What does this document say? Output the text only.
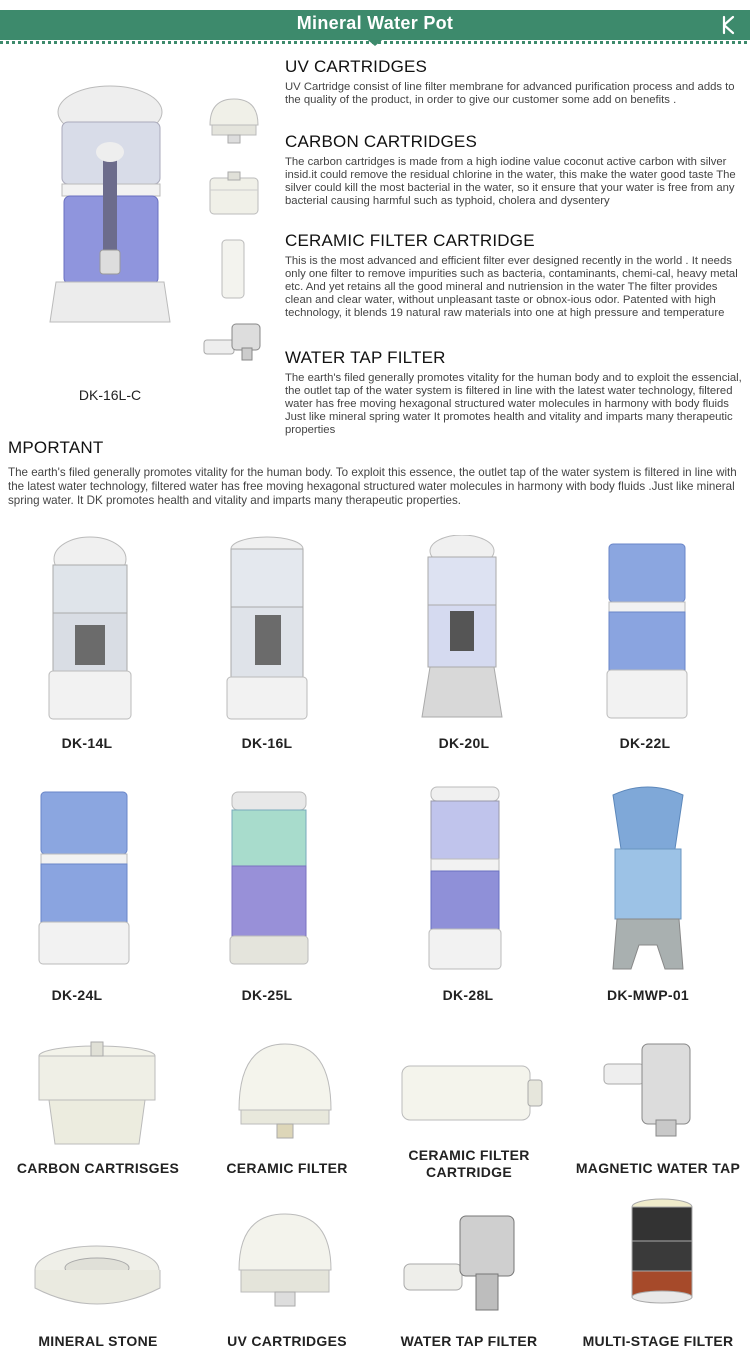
Mineral Water Pot
DK-16L-C
UV CARTRIDGES

UV Cartridge consist of line filter membrane for advanced purification process and adds to the quality of the product, in order to give our customer some add on benefits .

CARBON CARTRIDGES

The carbon cartridges is made from a high iodine value coconut active carbon with silver insid.it could remove the residual chlorine in the water, this make the water good taste The silver could kill the most bacterial in the water, so it ensure that your water is free from any bacterial causing harmful such as typhoid, cholera and dysentery

CERAMIC FILTER CARTRIDGE

This is the most advanced and efficient filter ever designed recently in the world . It needs only one filter to remove impurities such as bacteria, contaminants, chemi-cal, heavy metal etc. And yet retains all the good mineral and nutriension in the water The filter provides clean and clear water, without unpleasant taste or obnox-ious odor. Patented with high technology, it blends 19 natural raw materials into one at high pressure and temperature

WATER TAP FILTER

The earth's filed generally promotes vitality for the human body and to exploit the essencial, the outlet tap of the water system is filtered in line with the latest water technology, filtered water has free moving hexagonal structured water molecules in harmony with body fluids Just like mineral spring water It promotes health and vitality and imparts many therapeutic properties

MPORTANT
The earth's filed generally promotes vitality for the human body. To exploit this essence, the outlet tap of the water system is filtered in line with the latest water technology, filtered water has free moving hexagonal structured water molecules in harmony with body fluids .Just like mineral spring water. It DK promotes health and vitality and imparts many therapeutic properties.
DK-14L	DK-16L	DK-20L	DK-22L
DK-24L	DK-25L	DK-28L	DK-MWP-01
CARBON CARTRISGES	CERAMIC FILTER
CERAMIC FILTER
CARTRIDGE	MAGNETIC WATER TAP
MINERAL STONE	UV CARTRIDGES	WATER TAP FILTER	MULTI-STAGE FILTER
